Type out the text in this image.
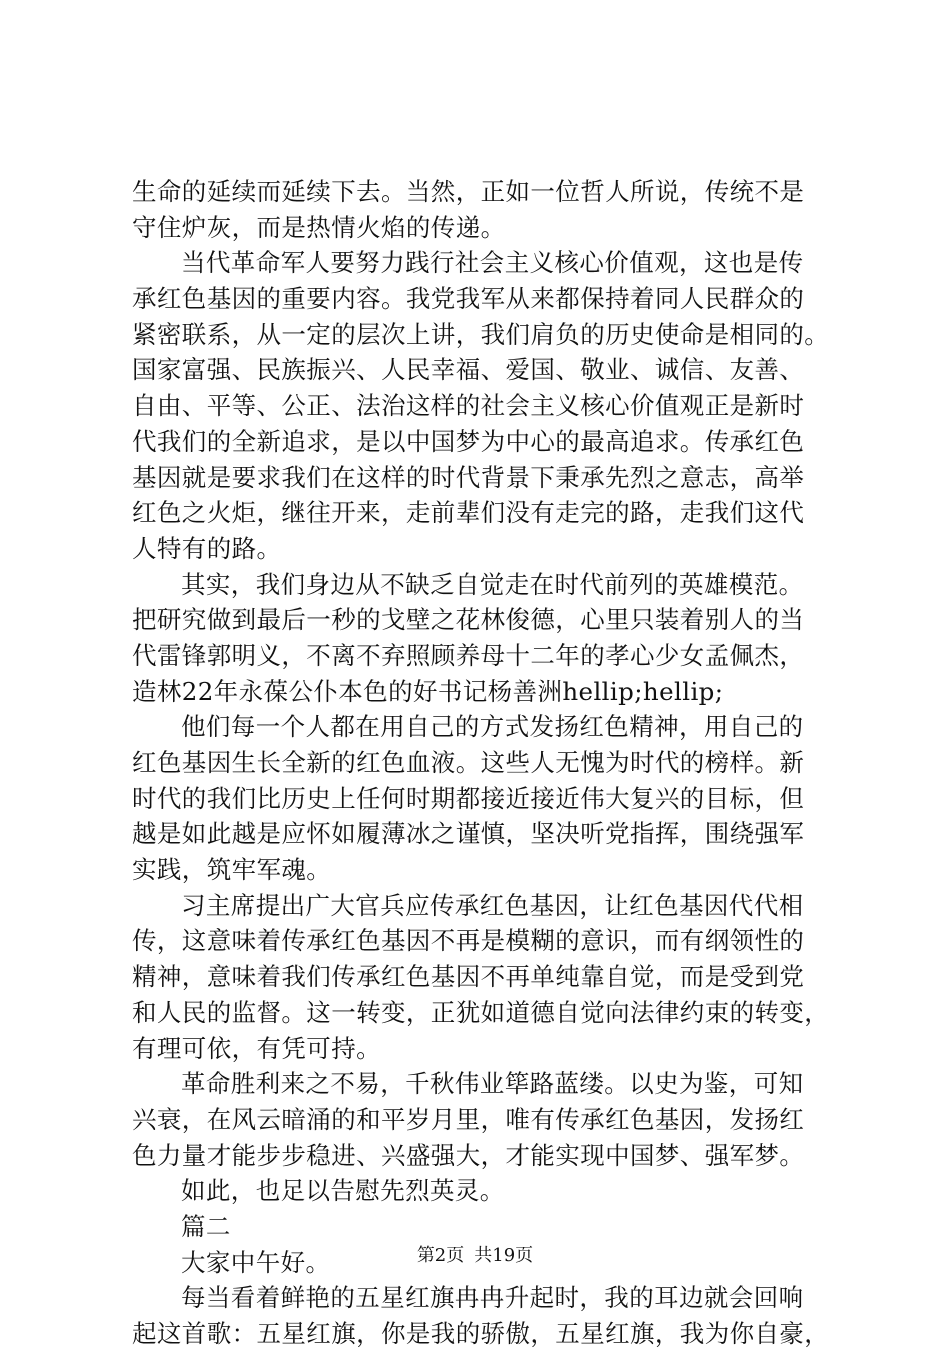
生命的延续而延续下去。当然，正如一位哲人所说，传统不是
守住炉灰，而是热情火焰的传递。
当代革命军人要努力践行社会主义核心价值观，这也是传
承红色基因的重要内容。我党我军从来都保持着同人民群众的
紧密联系，从一定的层次上讲，我们肩负的历史使命是相同的。
国家富强、民族振兴、人民幸福、爱国、敬业、诚信、友善、
自由、平等、公正、法治这样的社会主义核心价值观正是新时
代我们的全新追求，是以中国梦为中心的最高追求。传承红色
基因就是要求我们在这样的时代背景下秉承先烈之意志，高举
红色之火炬，继往开来，走前辈们没有走完的路，走我们这代
人特有的路。
其实，我们身边从不缺乏自觉走在时代前列的英雄模范。
把研究做到最后一秒的戈壁之花林俊德，心里只装着别人的当
代雷锋郭明义，不离不弃照顾养母十二年的孝心少女孟佩杰，
造林22年永葆公仆本色的好书记杨善洲hellip;hellip;
他们每一个人都在用自己的方式发扬红色精神，用自己的
红色基因生长全新的红色血液。这些人无愧为时代的榜样。新
时代的我们比历史上任何时期都接近接近伟大复兴的目标，但
越是如此越是应怀如履薄冰之谨慎，坚决听党指挥，围绕强军
实践，筑牢军魂。
习主席提出广大官兵应传承红色基因，让红色基因代代相
传，这意味着传承红色基因不再是模糊的意识，而有纲领性的
精神，意味着我们传承红色基因不再单纯靠自觉，而是受到党
和人民的监督。这一转变，正犹如道德自觉向法律约束的转变，
有理可依，有凭可持。
革命胜利来之不易，千秋伟业筚路蓝缕。以史为鉴，可知
兴衰，在风云暗涌的和平岁月里，唯有传承红色基因，发扬红
色力量才能步步稳进、兴盛强大，才能实现中国梦、强军梦。
如此，也足以告慰先烈英灵。
篇二
大家中午好。
每当看着鲜艳的五星红旗冉冉升起时，我的耳边就会回响
起这首歌：五星红旗，你是我的骄傲，五星红旗，我为你自豪，
第2页 共19页
